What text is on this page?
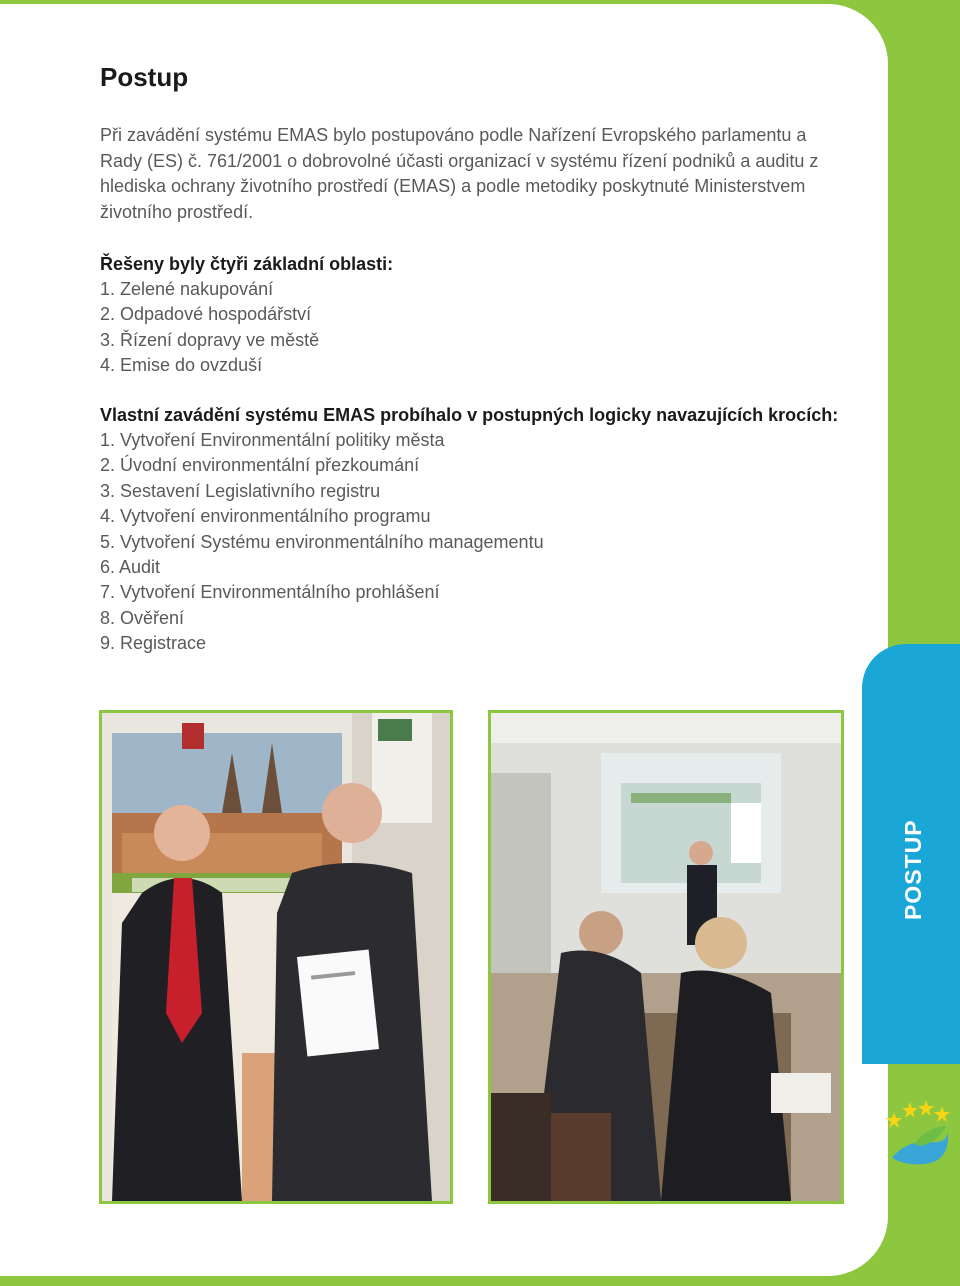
Postup

Při zavádění systému EMAS bylo postupováno podle Nařízení Evropského parlamentu a Rady (ES) č. 761/2001 o dobrovolné účasti organizací v systému řízení podniků a auditu z hlediska ochrany životního prostředí (EMAS) a podle metodiky poskytnuté Ministerstvem životního prostředí.

Řešeny byly čtyři základní oblasti:

1. Zelené nakupování
2. Odpadové hospodářství
3. Řízení dopravy ve městě
4. Emise do ovzduší

Vlastní zavádění systému EMAS probíhalo v postupných logicky navazujících krocích:

1. Vytvoření Environmentální politiky města
2. Úvodní environmentální přezkoumání
3. Sestavení Legislativního registru
4. Vytvoření environmentálního programu
5. Vytvoření Systému environmentálního managementu
6. Audit
7. Vytvoření Environmentálního prohlášení
8. Ověření
9. Registrace
POSTUP
9
